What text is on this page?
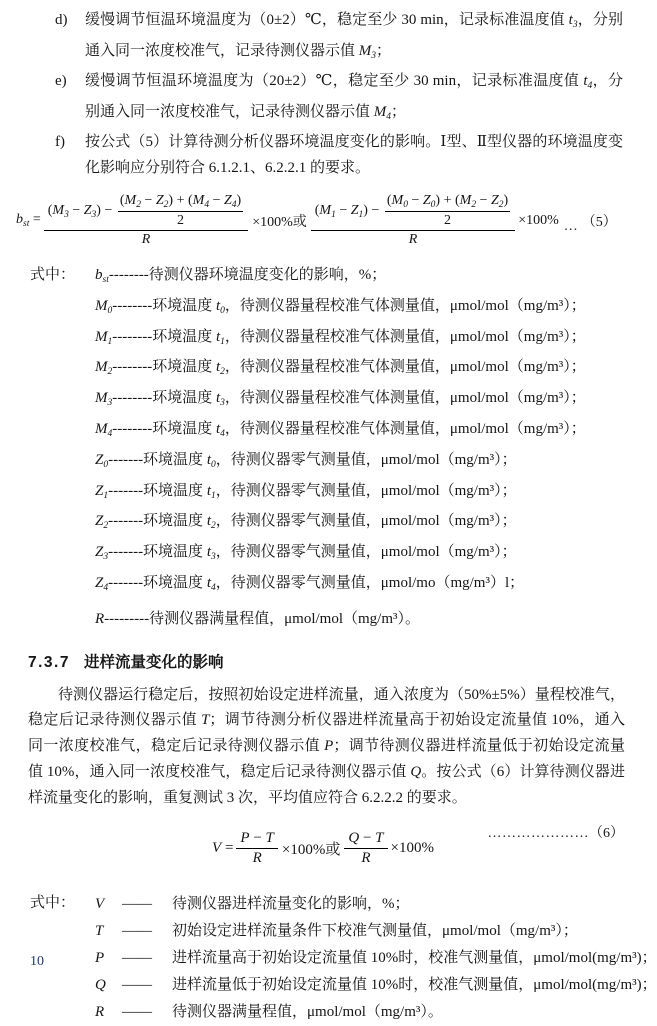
d)	缓慢调节恒温环境温度为（0±2）℃，稳定至少 30 min，记录标准温度值 $t_3$，分别通入同一浓度校准气，记录待测仪器示值 $M_3$；
e)	缓慢调节恒温环境温度为（20±2）℃，稳定至少 30 min，记录标准温度值 $t_4$，分别通入同一浓度校准气，记录待测仪器示值 $M_4$；
f)	按公式（5）计算待测分析仪器环境温度变化的影响。Ⅰ型、Ⅱ型仪器的环境温度变化影响应分别符合 6.1.2.1、6.2.2.1 的要求。
$b_{st} = \frac{(M_3 - Z_3) - \frac{(M_2 - Z_2) + (M_4 - Z_4)}{2}}{R} \times 100\%$或 $\frac{(M_1 - Z_1) - \frac{(M_0 - Z_0) + (M_2 - Z_2)}{2}}{R} \times 100\%$ … （5）
式中： $b_{st}--------$待测仪器环境温度变化的影响，%；
$M_0--------$环境温度 $t_0$，待测仪器量程校准气体测量值，μmol/mol（mg/m³）；
$M_1--------$环境温度 $t_1$，待测仪器量程校准气体测量值，μmol/mol（mg/m³）；
$M_2--------$环境温度 $t_2$，待测仪器量程校准气体测量值，μmol/mol（mg/m³）；
$M_3--------$环境温度 $t_3$，待测仪器量程校准气体测量值，μmol/mol（mg/m³）；
$M_4--------$环境温度 $t_4$，待测仪器量程校准气体测量值，μmol/mol（mg/m³）；
$Z_0-------$环境温度 $t_0$，待测仪器零气测量值，μmol/mol（mg/m³）；
$Z_1-------$环境温度 $t_1$，待测仪器零气测量值，μmol/mol（mg/m³）；
$Z_2-------$环境温度 $t_2$，待测仪器零气测量值，μmol/mol（mg/m³）；
$Z_3-------$环境温度 $t_3$，待测仪器零气测量值，μmol/mol（mg/m³）；
$Z_4-------$环境温度 $t_4$，待测仪器零气测量值，μmol/mo（mg/m³）l；
R---------待测仪器满量程值，μmol/mol（mg/m³）。
7.3.7 进样流量变化的影响

待测仪器运行稳定后，按照初始设定进样流量，通入浓度为（50%±5%）量程校准气，稳定后记录待测仪器示值 T；调节待测分析仪器进样流量高于初始设定流量值 10%，通入同一浓度校准气，稳定后记录待测仪器示值 P；调节待测仪器进样流量低于初始设定流量值 10%，通入同一浓度校准气，稳定后记录待测仪器示值 Q。按公式（6）计算待测仪器进样流量变化的影响，重复测试 3 次，平均值应符合 6.2.2.2 的要求。

$V = \frac{P - T}{R} \times 100\%$或 $\frac{Q - T}{R} \times 100\%$
…………………（6）
式中： V	——	待测仪器进样流量变化的影响，%；
T	——	初始设定进样流量条件下校准气测量值，μmol/mol（mg/m³）；
P	——	进样流量高于初始设定流量值 10%时，校准气测量值，μmol/mol(mg/m³)；
Q	——	进样流量低于初始设定流量值 10%时，校准气测量值，μmol/mol(mg/m³)；
R	——	待测仪器满量程值，μmol/mol（mg/m³）。
10
